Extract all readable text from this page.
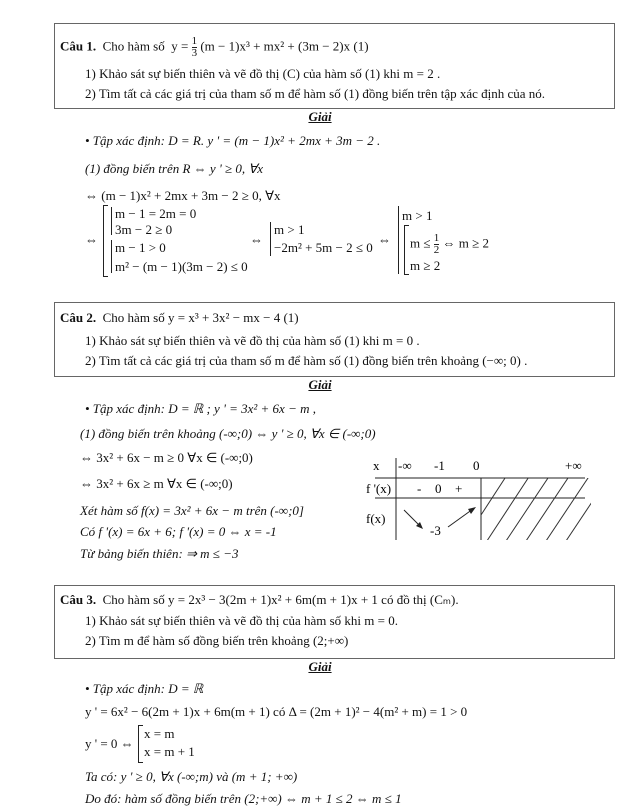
Câu 1. Cho hàm số $y = \frac{1}{3} (m - 1)x^3 + mx^2 + (3m - 2)x$ (1)
1) Khảo sát sự biến thiên và vẽ đồ thị (C) của hàm số (1) khi m = 2 .
2) Tìm tất cả các giá trị của tham số m để hàm số (1) đồng biến trên tập xác định của nó.
Giải
• Tập xác định: D = R. y ' = (m − 1)x² + 2mx + 3m − 2 .
(1) đồng biến trên R ⇔ y ' ≥ 0, ∀x
⇔ (m − 1)x² + 2mx + 3m − 2 ≥ 0, ∀x
⇔
m − 1 = 2m = 0
3m − 2 ≥ 0
m − 1 > 0
m² − (m − 1)(3m − 2) ≤ 0
⇔
m > 1
−2m² + 5m − 2 ≤ 0
⇔
m > 1
$m \le \frac{1}{2}$ ⇔ m ≥ 2
m ≥ 2
Câu 2. Cho hàm số y = x³ + 3x² − mx − 4 (1)
1) Khảo sát sự biến thiên và vẽ đồ thị của hàm số (1) khi m = 0 .
2) Tìm tất cả các giá trị của tham số m để hàm số (1) đồng biến trên khoảng (−∞; 0) .
Giải
• Tập xác định: D = ℝ ; y ' = 3x² + 6x − m ,
(1) đồng biến trên khoảng (-∞;0) ⇔ y ' ≥ 0, ∀x ∈ (-∞;0)
⇔ 3x² + 6x − m ≥ 0 ∀x ∈ (-∞;0)
⇔ 3x² + 6x ≥ m ∀x ∈ (-∞;0)
Xét hàm số f(x) = 3x² + 6x − m trên (-∞;0]
Có f '(x) = 6x + 6; f '(x) = 0 ⇔ x = -1
Từ bảng biến thiên: ⇒ m ≤ −3
x -∞ -1 0	+∞
f '(x) - 0 +
f(x)
-3
Câu 3. Cho hàm số y = 2x³ − 3(2m + 1)x² + 6m(m + 1)x + 1 có đồ thị (Cₘ).
1) Khảo sát sự biến thiên và vẽ đồ thị của hàm số khi m = 0.
2) Tìm m để hàm số đồng biến trên khoảng (2;+∞)
Giải
• Tập xác định: D = ℝ
y ' = 6x² − 6(2m + 1)x + 6m(m + 1) có Δ = (2m + 1)² − 4(m² + m) = 1 > 0
y ' = 0 ⇔
x = m
x = m + 1
Ta có: y ' ≥ 0, ∀x (-∞;m) và (m + 1; +∞)
Do đó: hàm số đồng biến trên (2;+∞) ⇔ m + 1 ≤ 2 ⇔ m ≤ 1
